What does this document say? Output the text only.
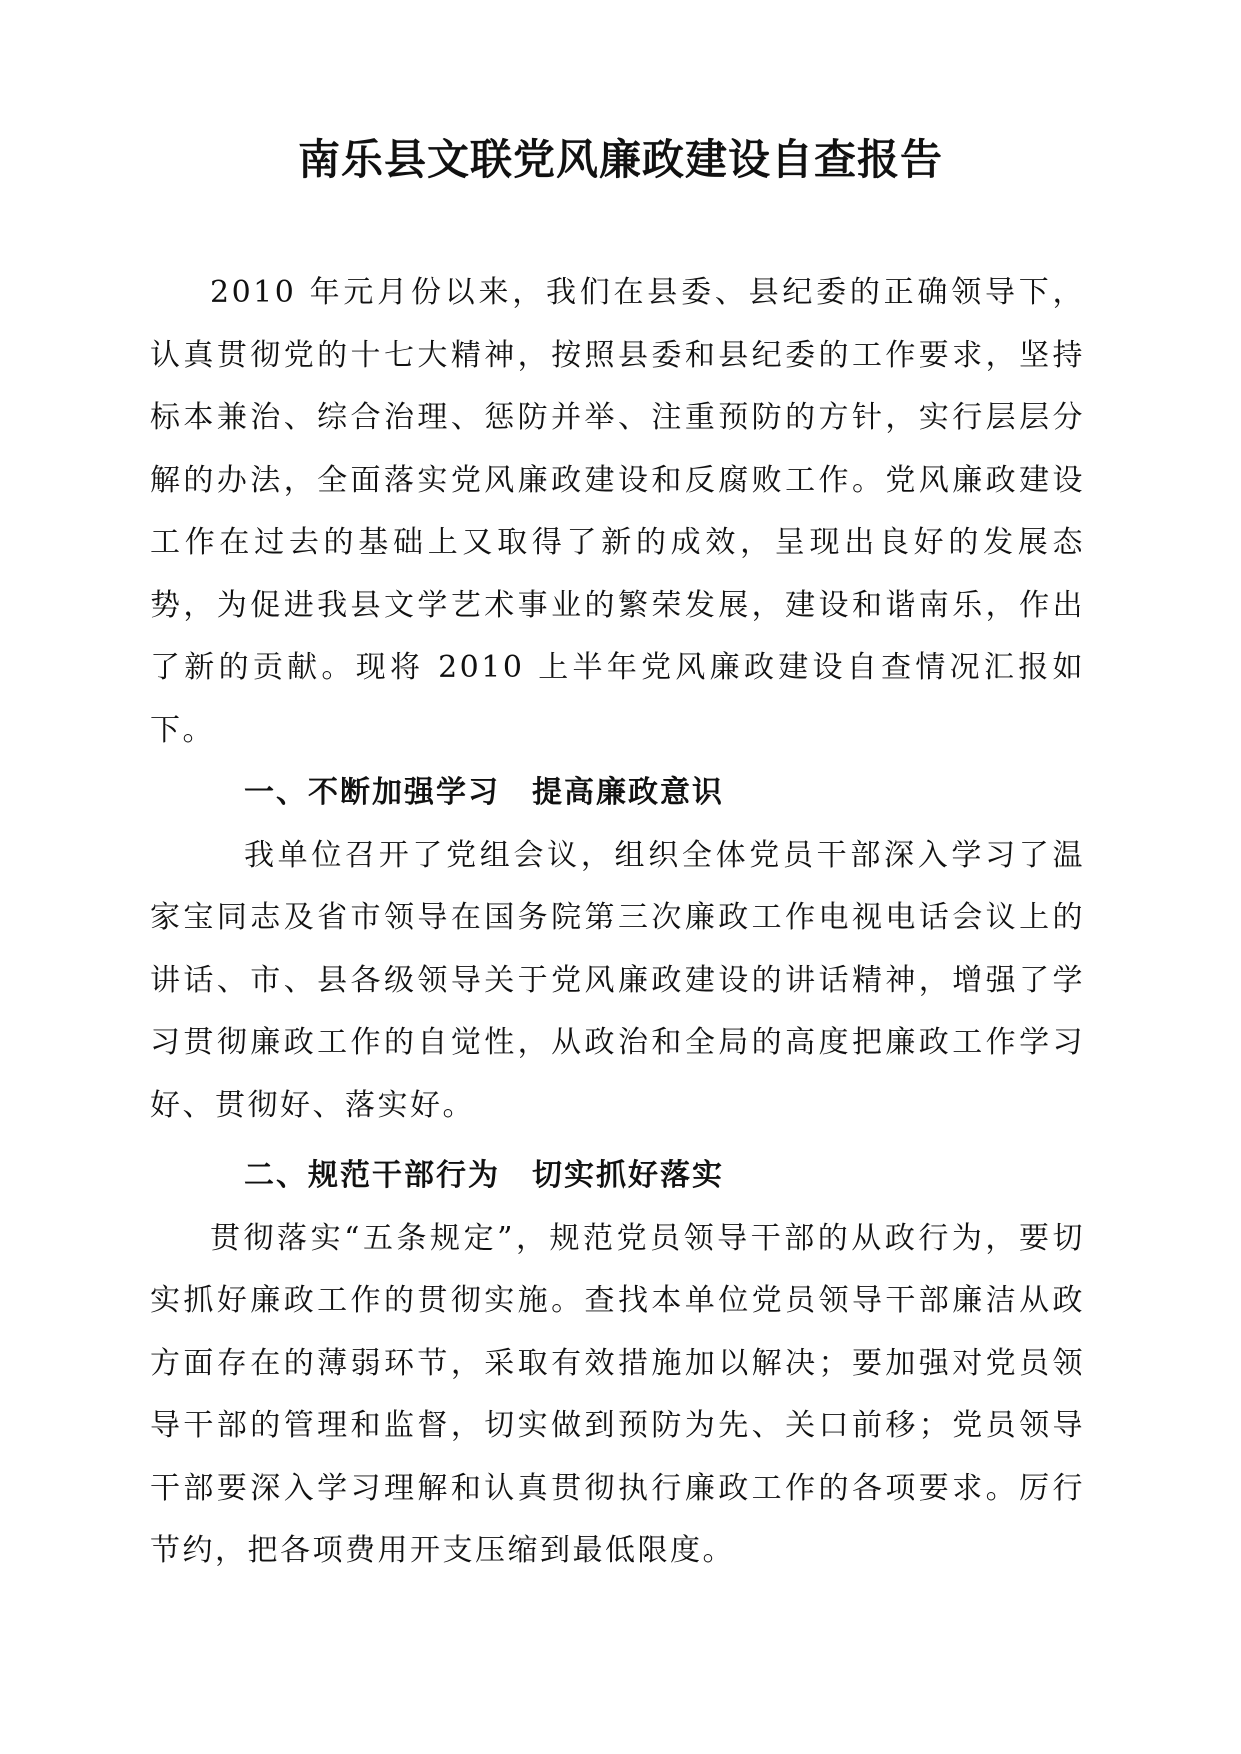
南乐县文联党风廉政建设自查报告

2010 年元月份以来，我们在县委、县纪委的正确领导下，认真贯彻党的十七大精神，按照县委和县纪委的工作要求，坚持标本兼治、综合治理、惩防并举、注重预防的方针，实行层层分解的办法，全面落实党风廉政建设和反腐败工作。党风廉政建设工作在过去的基础上又取得了新的成效，呈现出良好的发展态势，为促进我县文学艺术事业的繁荣发展，建设和谐南乐，作出了新的贡献。现将 2010 上半年党风廉政建设自查情况汇报如下。

一、不断加强学习　提高廉政意识

我单位召开了党组会议，组织全体党员干部深入学习了温家宝同志及省市领导在国务院第三次廉政工作电视电话会议上的讲话、市、县各级领导关于党风廉政建设的讲话精神，增强了学习贯彻廉政工作的自觉性，从政治和全局的高度把廉政工作学习好、贯彻好、落实好。

二、规范干部行为　切实抓好落实

贯彻落实“五条规定”，规范党员领导干部的从政行为，要切实抓好廉政工作的贯彻实施。查找本单位党员领导干部廉洁从政方面存在的薄弱环节，采取有效措施加以解决；要加强对党员领导干部的管理和监督，切实做到预防为先、关口前移；党员领导干部要深入学习理解和认真贯彻执行廉政工作的各项要求。厉行节约，把各项费用开支压缩到最低限度。
